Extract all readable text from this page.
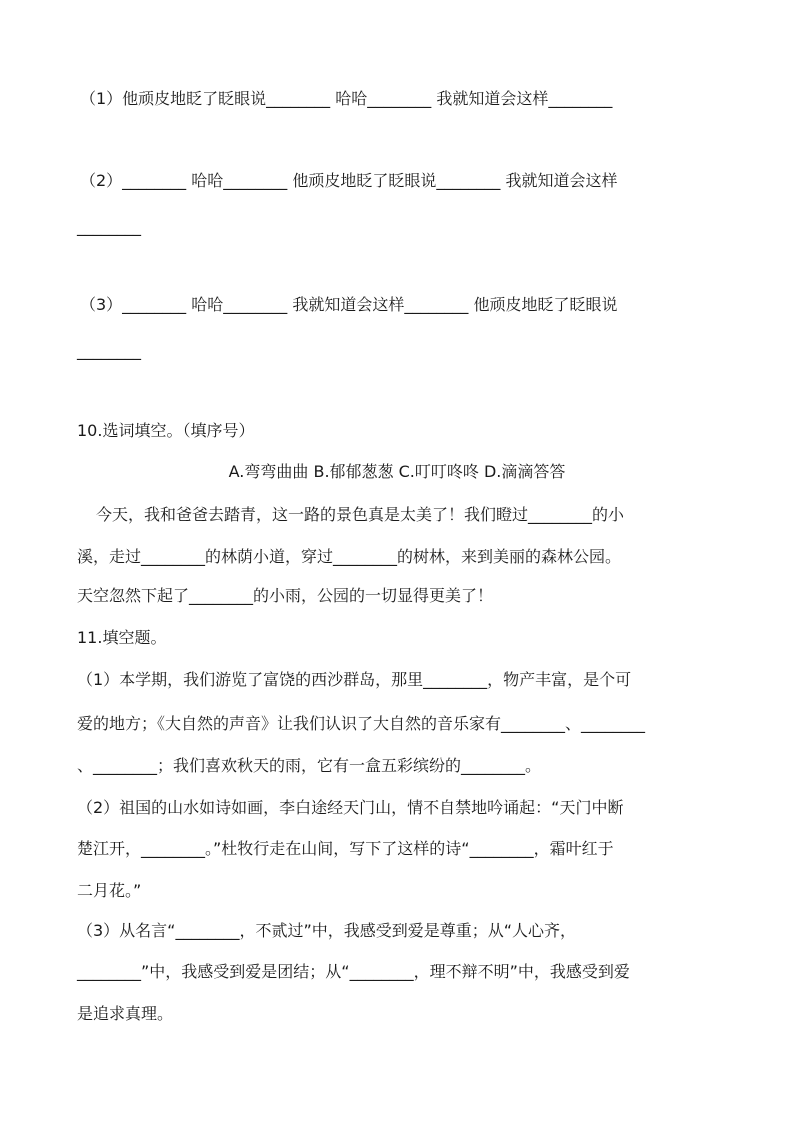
（1）他顽皮地眨了眨眼说________ 哈哈________ 我就知道会这样________
（2）________ 哈哈________ 他顽皮地眨了眨眼说________ 我就知道会这样
________
（3）________ 哈哈________ 我就知道会这样________ 他顽皮地眨了眨眼说
________
10.选词填空。（填序号）
A.弯弯曲曲 B.郁郁葱葱 C.叮叮咚咚 D.滴滴答答
今天，我和爸爸去踏青，这一路的景色真是太美了！我们瞪过________的小
溪，走过________的林荫小道，穿过________的树林，来到美丽的森林公园。
天空忽然下起了________的小雨，公园的一切显得更美了！
11.填空题。
（1）本学期，我们游览了富饶的西沙群岛，那里________，物产丰富，是个可
爱的地方；《大自然的声音》让我们认识了大自然的音乐家有________、________
、________；我们喜欢秋天的雨，它有一盒五彩缤纷的________。
（2）祖国的山水如诗如画，李白途经天门山，情不自禁地吟诵起：“天门中断
楚江开，________。”杜牧行走在山间，写下了这样的诗“________，霜叶红于
二月花。”
（3）从名言“________，不贰过”中，我感受到爱是尊重；从“人心齐，
________”中，我感受到爱是团结；从“________，理不辩不明”中，我感受到爱
是追求真理。
